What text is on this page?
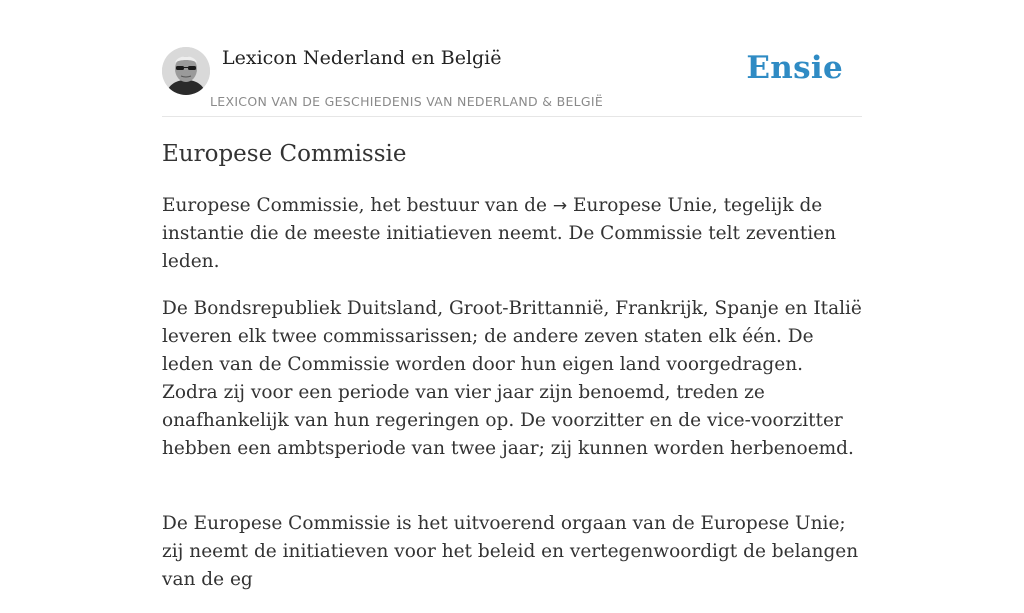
Lexicon Nederland en België
LEXICON VAN DE GESCHIEDENIS VAN NEDERLAND & BELGIË
Ensie
Europese Commissie

Europese Commissie, het bestuur van de → Europese Unie, tegelijk de instantie die de meeste initiatieven neemt. De Commissie telt zeventien leden.

De Bondsrepubliek Duitsland, Groot-Brittannië, Frankrijk, Spanje en Italië leveren elk twee commissarissen; de andere zeven staten elk één. De leden van de Commissie worden door hun eigen land voorgedragen. Zodra zij voor een periode van vier jaar zijn benoemd, treden ze onafhankelijk van hun regeringen op. De voorzitter en de vice-voorzitter hebben een ambtsperiode van twee jaar; zij kunnen worden herbenoemd.

De Europese Commissie is het uitvoerend orgaan van de Europese Unie; zij neemt de initiatieven voor het beleid en vertegenwoordigt de belangen van de eg
